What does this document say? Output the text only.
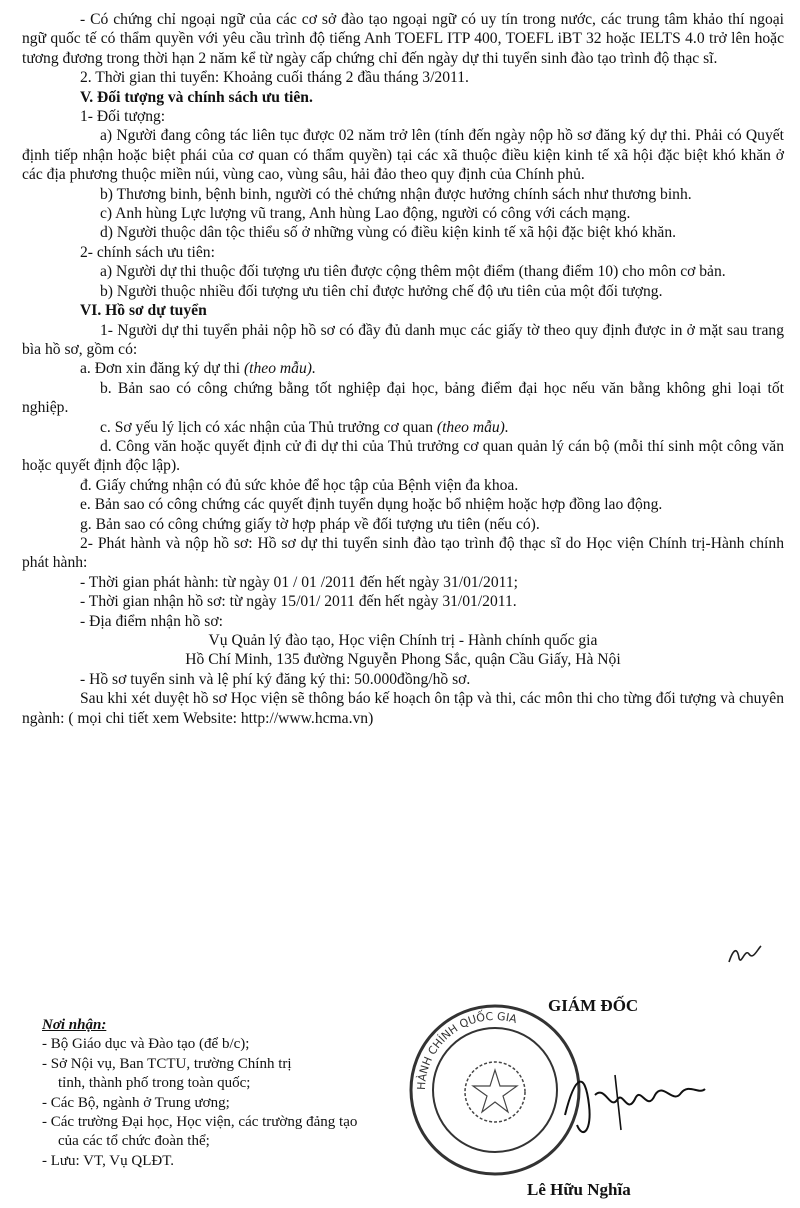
- Có chứng chỉ ngoại ngữ của các cơ sở đào tạo ngoại ngữ có uy tín trong nước, các trung tâm khảo thí ngoại ngữ quốc tế có thẩm quyền với yêu cầu trình độ tiếng Anh TOEFL ITP 400, TOEFL iBT 32 hoặc IELTS 4.0 trở lên hoặc tương đương trong thời hạn 2 năm kể từ ngày cấp chứng chỉ đến ngày dự thi tuyển sinh đào tạo trình độ thạc sĩ.

2. Thời gian thi tuyển: Khoảng cuối tháng 2 đầu tháng 3/2011.

V. Đối tượng và chính sách ưu tiên.

1- Đối tượng:

a) Người đang công tác liên tục được 02 năm trở lên (tính đến ngày nộp hồ sơ đăng ký dự thi. Phải có Quyết định tiếp nhận hoặc biệt phái của cơ quan có thẩm quyền) tại các xã thuộc điều kiện kinh tế xã hội đặc biệt khó khăn ở các địa phương thuộc miền núi, vùng cao, vùng sâu, hải đảo theo quy định của Chính phủ.

b) Thương binh, bệnh binh, người có thẻ chứng nhận được hưởng chính sách như thương binh.

c) Anh hùng Lực lượng vũ trang, Anh hùng Lao động, người có công với cách mạng.

d) Người thuộc dân tộc thiểu số ở những vùng có điều kiện kinh tế xã hội đặc biệt khó khăn.

2- chính sách ưu tiên:

a) Người dự thi thuộc đối tượng ưu tiên được cộng thêm một điểm (thang điểm 10) cho môn cơ bản.

b) Người thuộc nhiều đối tượng ưu tiên chỉ được hưởng chế độ ưu tiên của một đối tượng.

VI. Hồ sơ dự tuyển

1- Người dự thi tuyển phải nộp hồ sơ có đầy đủ danh mục các giấy tờ theo quy định được in ở mặt sau trang bìa hồ sơ, gồm có:

a. Đơn xin đăng ký dự thi (theo mẫu).

b. Bản sao có công chứng bằng tốt nghiệp đại học, bảng điểm đại học nếu văn bằng không ghi loại tốt nghiệp.

c. Sơ yếu lý lịch có xác nhận của Thủ trưởng cơ quan (theo mẫu).

d. Công văn hoặc quyết định cử đi dự thi của Thủ trưởng cơ quan quản lý cán bộ (mỗi thí sinh một công văn hoặc quyết định độc lập).

đ. Giấy chứng nhận có đủ sức khỏe để học tập của Bệnh viện đa khoa.

e. Bản sao có công chứng các quyết định tuyển dụng hoặc bổ nhiệm hoặc hợp đồng lao động.

g. Bản sao có công chứng giấy tờ hợp pháp về đối tượng ưu tiên (nếu có).

2- Phát hành và nộp hồ sơ: Hồ sơ dự thi tuyển sinh đào tạo trình độ thạc sĩ do Học viện Chính trị-Hành chính phát hành:

- Thời gian phát hành: từ ngày 01 / 01 /2011 đến hết ngày 31/01/2011;

- Thời gian nhận hồ sơ: từ ngày 15/01/ 2011 đến hết ngày 31/01/2011.

- Địa điểm nhận hồ sơ:

Vụ Quản lý đào tạo, Học viện Chính trị - Hành chính quốc gia

Hồ Chí Minh, 135 đường Nguyễn Phong Sắc, quận Cầu Giấy, Hà Nội

- Hồ sơ tuyển sinh và lệ phí ký đăng ký thi: 50.000đồng/hồ sơ.

Sau khi xét duyệt hồ sơ Học viện sẽ thông báo kế hoạch ôn tập và thi, các môn thi cho từng đối tượng và chuyên ngành: ( mọi chi tiết xem Website: http://www.hcma.vn)

Nơi nhận:

- Bộ Giáo dục và Đào tạo (để b/c);

- Sở Nội vụ, Ban TCTU, trường Chính trị

tỉnh, thành phố trong toàn quốc;

- Các Bộ, ngành ở Trung ương;

- Các trường Đại học, Học viện, các trường đảng tạo

của các tổ chức đoàn thể;

- Lưu: VT, Vụ QLĐT.

GIÁM ĐỐC
HÀNH CHÍNH QUỐC GIA
Lê Hữu Nghĩa
